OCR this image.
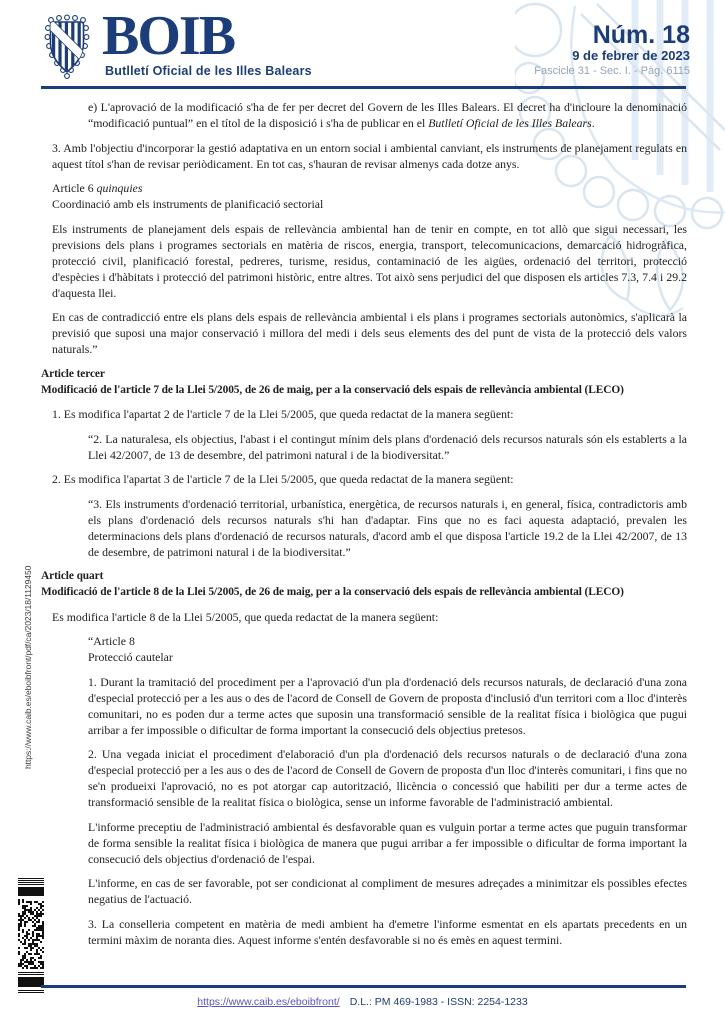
BOIB
Butlletí Oficial de les Illes Balears
Núm. 18
9 de febrer de 2023
Fascicle 31 - Sec. I. - Pàg. 6115
https://www.caib.es/eboibfront/pdf/ca/2023/18/1129450

e) L'aprovació de la modificació s'ha de fer per decret del Govern de les Illes Balears. El decret ha d'incloure la denominació “modificació puntual” en el títol de la disposició i s'ha de publicar en el Butlletí Oficial de les Illes Balears.

3. Amb l'objectiu d'incorporar la gestió adaptativa en un entorn social i ambiental canviant, els instruments de planejament regulats en aquest títol s'han de revisar periòdicament. En tot cas, s'hauran de revisar almenys cada dotze anys.

Article 6 quinquies
Coordinació amb els instruments de planificació sectorial

Els instruments de planejament dels espais de rellevància ambiental han de tenir en compte, en tot allò que sigui necessari, les previsions dels plans i programes sectorials en matèria de riscos, energia, transport, telecomunicacions, demarcació hidrogràfica, protecció civil, planificació forestal, pedreres, turisme, residus, contaminació de les aigües, ordenació del territori, protecció d'espècies i d'hàbitats i protecció del patrimoni històric, entre altres. Tot això sens perjudici del que disposen els articles 7.3, 7.4 i 29.2 d'aquesta llei.

En cas de contradicció entre els plans dels espais de rellevància ambiental i els plans i programes sectorials autonòmics, s'aplicarà la previsió que suposi una major conservació i millora del medi i dels seus elements des del punt de vista de la protecció dels valors naturals.”

Article tercer
Modificació de l'article 7 de la Llei 5/2005, de 26 de maig, per a la conservació dels espais de rellevància ambiental (LECO)

1. Es modifica l'apartat 2 de l'article 7 de la Llei 5/2005, que queda redactat de la manera següent:

“2. La naturalesa, els objectius, l'abast i el contingut mínim dels plans d'ordenació dels recursos naturals són els establerts a la Llei 42/2007, de 13 de desembre, del patrimoni natural i de la biodiversitat.”

2. Es modifica l'apartat 3 de l'article 7 de la Llei 5/2005, que queda redactat de la manera següent:

“3. Els instruments d'ordenació territorial, urbanística, energètica, de recursos naturals i, en general, física, contradictoris amb els plans d'ordenació dels recursos naturals s'hi han d'adaptar. Fins que no es faci aquesta adaptació, prevalen les determinacions dels plans d'ordenació de recursos naturals, d'acord amb el que disposa l'article 19.2 de la Llei 42/2007, de 13 de desembre, de patrimoni natural i de la biodiversitat.”

Article quart
Modificació de l'article 8 de la Llei 5/2005, de 26 de maig, per a la conservació dels espais de rellevància ambiental (LECO)

Es modifica l'article 8 de la Llei 5/2005, que queda redactat de la manera següent:

“Article 8
Protecció cautelar

1. Durant la tramitació del procediment per a l'aprovació d'un pla d'ordenació dels recursos naturals, de declaració d'una zona d'especial protecció per a les aus o des de l'acord de Consell de Govern de proposta d'inclusió d'un territori com a lloc d'interès comunitari, no es poden dur a terme actes que suposin una transformació sensible de la realitat física i biològica que pugui arribar a fer impossible o dificultar de forma important la consecució dels objectius pretesos.

2. Una vegada iniciat el procediment d'elaboració d'un pla d'ordenació dels recursos naturals o de declaració d'una zona d'especial protecció per a les aus o des de l'acord de Consell de Govern de proposta d'un lloc d'interès comunitari, i fins que no se'n produeixi l'aprovació, no es pot atorgar cap autorització, llicència o concessió que habiliti per dur a terme actes de transformació sensible de la realitat física o biològica, sense un informe favorable de l'administració ambiental.

L'informe preceptiu de l'administració ambiental és desfavorable quan es vulguin portar a terme actes que puguin transformar de forma sensible la realitat física i biològica de manera que pugui arribar a fer impossible o dificultar de forma important la consecució dels objectius d'ordenació de l'espai.

L'informe, en cas de ser favorable, pot ser condicionat al compliment de mesures adreçades a minimitzar els possibles efectes negatius de l'actuació.

3. La conselleria competent en matèria de medi ambient ha d'emetre l'informe esmentat en els apartats precedents en un termini màxim de noranta dies. Aquest informe s'entén desfavorable si no és emès en aquest termini.

https://www.caib.es/eboibfront/ D.L.: PM 469-1983 - ISSN: 2254-1233
